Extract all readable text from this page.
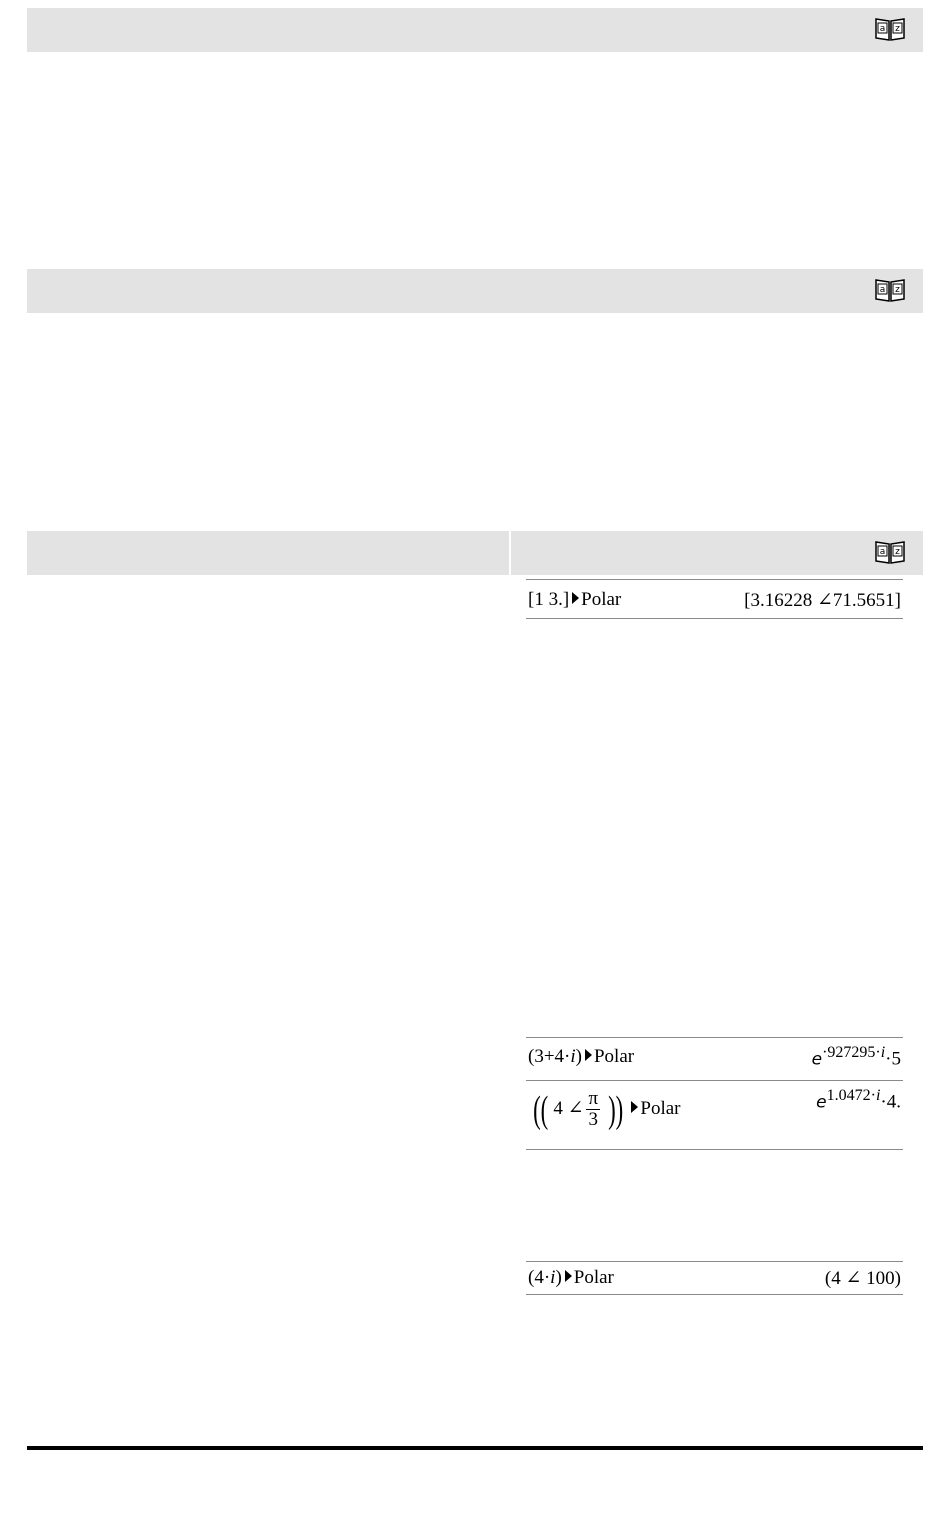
a z
a z
a z
[1 3.] Polar	[3.16228 ∠71.5651]
(3+4·i) Polar	$e^{\cdot 927295\cdot i}\cdot 5$
(( 4 ∠ $\frac{\pi}{3}$ )) Polar	$e^{1.0472\cdot i}\cdot 4$.
(4·i) Polar	(4 ∠ 100)
